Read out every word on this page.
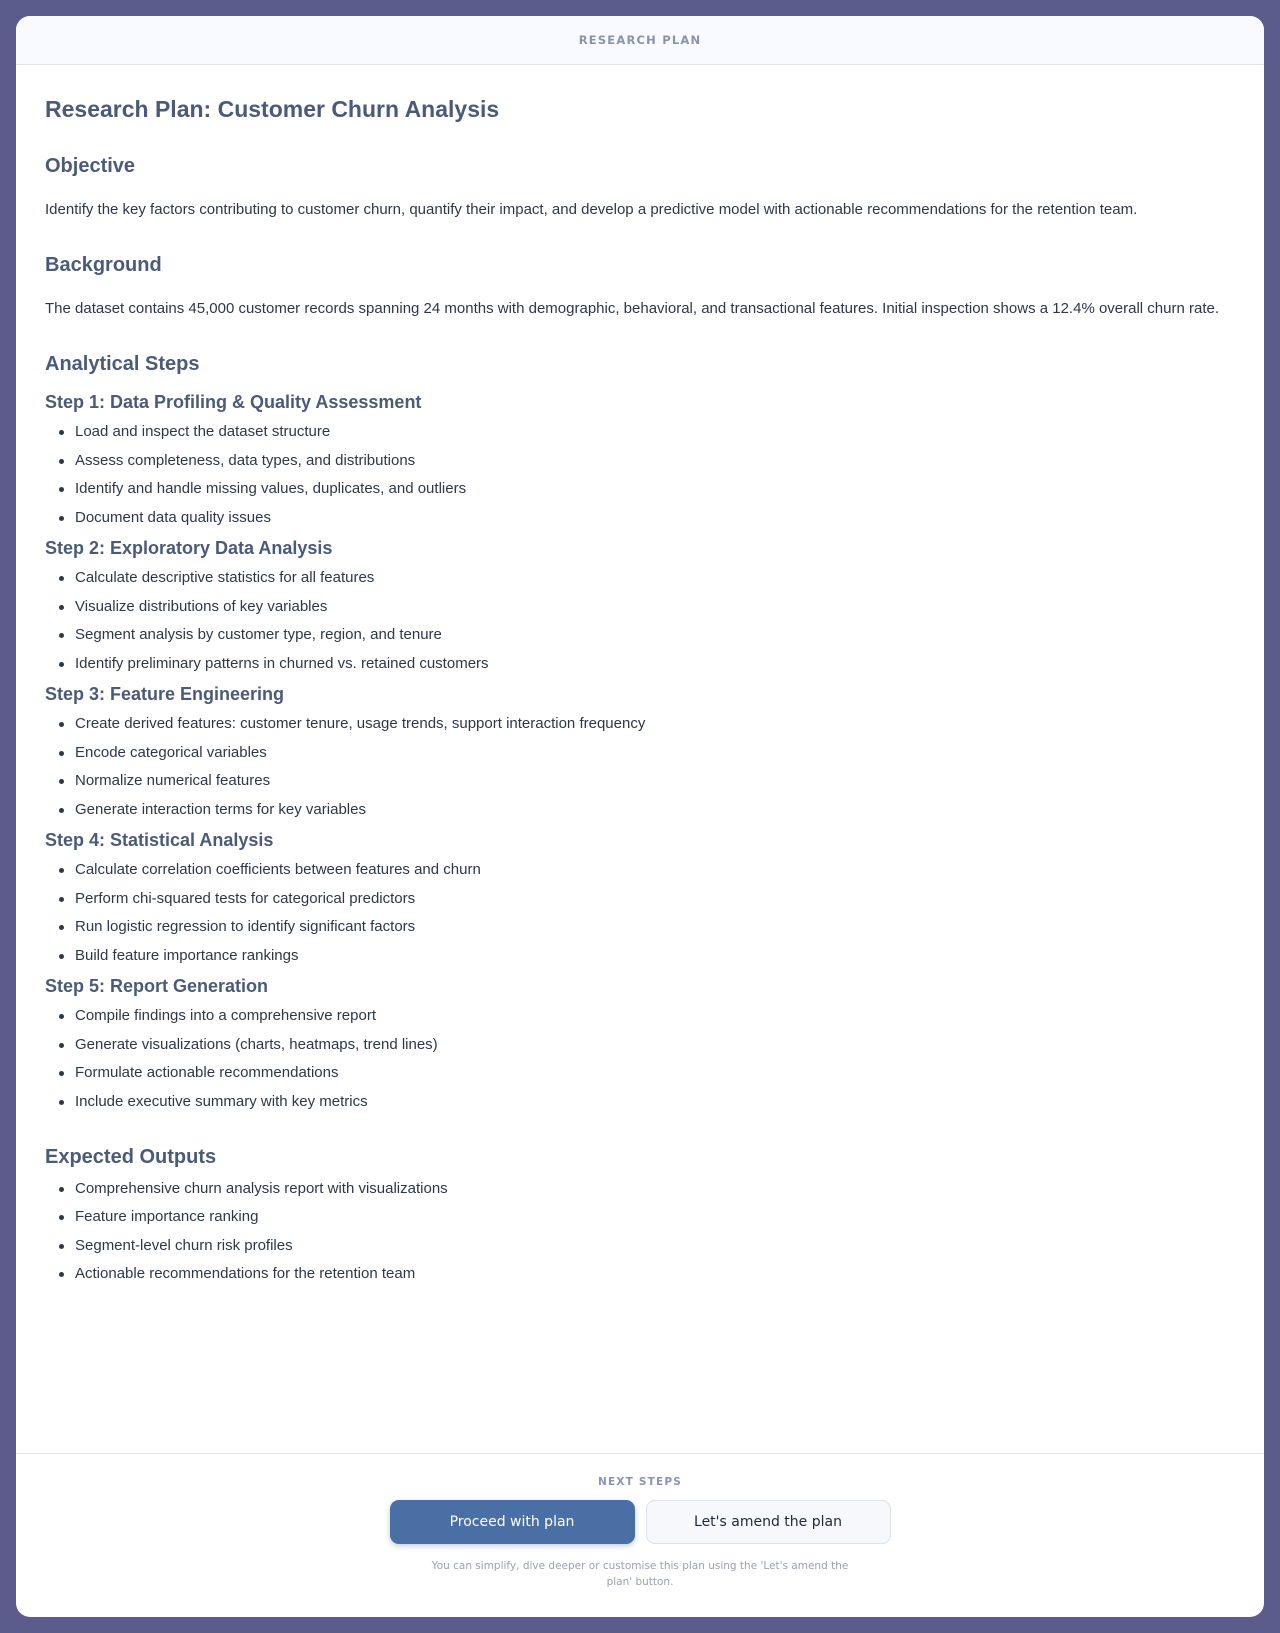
RESEARCH PLAN
Research Plan: Customer Churn Analysis
Objective

Identify the key factors contributing to customer churn, quantify their impact, and develop a predictive model with actionable recommendations for the retention team.

Background

The dataset contains 45,000 customer records spanning 24 months with demographic, behavioral, and transactional features. Initial inspection shows a 12.4% overall churn rate.

Analytical Steps
Step 1: Data Profiling & Quality Assessment
Load and inspect the dataset structure
Assess completeness, data types, and distributions
Identify and handle missing values, duplicates, and outliers
Document data quality issues
Step 2: Exploratory Data Analysis
Calculate descriptive statistics for all features
Visualize distributions of key variables
Segment analysis by customer type, region, and tenure
Identify preliminary patterns in churned vs. retained customers
Step 3: Feature Engineering
Create derived features: customer tenure, usage trends, support interaction frequency
Encode categorical variables
Normalize numerical features
Generate interaction terms for key variables
Step 4: Statistical Analysis
Calculate correlation coefficients between features and churn
Perform chi-squared tests for categorical predictors
Run logistic regression to identify significant factors
Build feature importance rankings
Step 5: Report Generation
Compile findings into a comprehensive report
Generate visualizations (charts, heatmaps, trend lines)
Formulate actionable recommendations
Include executive summary with key metrics
Expected Outputs
Comprehensive churn analysis report with visualizations
Feature importance ranking
Segment-level churn risk profiles
Actionable recommendations for the retention team
NEXT STEPS
Proceed with plan	Let's amend the plan
You can simplify, dive deeper or customise this plan using the 'Let's amend the plan' button.
